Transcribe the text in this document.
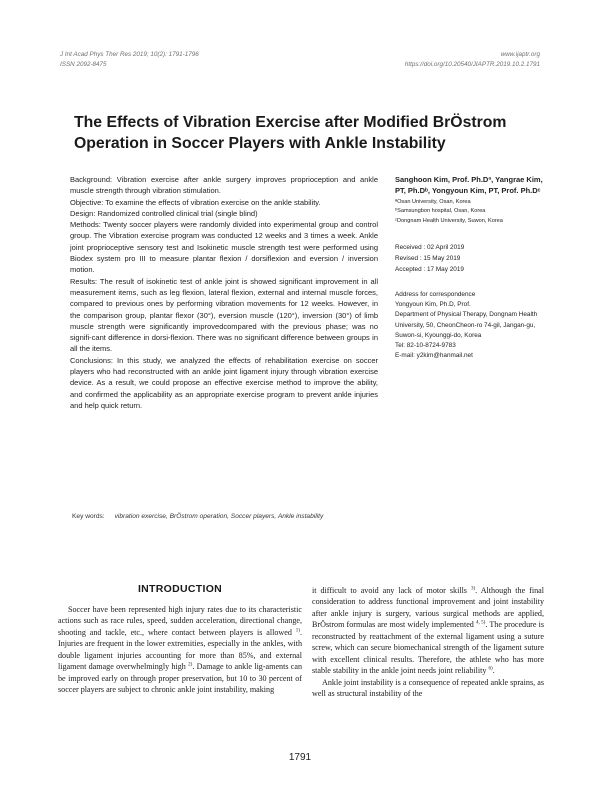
J Int Acad Phys Ther Res 2019; 10(2): 1791-1796
ISSN 2092-8475
www.ijaptr.org
https://doi.org/10.20540/JIAPTR.2019.10.2.1791
The Effects of Vibration Exercise after Modified BrÖstrom Operation in Soccer Players with Ankle Instability

Background: Vibration exercise after ankle surgery improves proprioception and ankle muscle strength through vibration stimulation.

Objective: To examine the effects of vibration exercise on the ankle stability.

Design: Randomized controlled clinical trial (single blind)

Methods: Twenty soccer players were randomly divided into experimental group and control group. The Vibration exercise program was conducted 12 weeks and 3 times a week. Ankle joint proprioceptive sensory test and Isokinetic muscle strength test were performed using Biodex system pro III to measure plantar flexion / dorsiflexion and eversion / inversion motion.

Results: The result of isokinetic test of ankle joint is showed significant improvement in all measurement items, such as leg flexion, lateral flexion, external and internal muscle forces, compared to previous ones by performing vibration movements for 12 weeks. However, in the comparison group, plantar flexor (30°), eversion muscle (120°), inversion (30°) of limb muscle strength were significantly improvedcompared with the previous phase; was no signifi-cant difference in dorsi-flexion. There was no significant difference between groups in all the items.

Conclusions: In this study, we analyzed the effects of rehabilitation exercise on soccer players who had reconstructed with an ankle joint ligament injury through vibration exercise device. As a result, we could propose an effective exercise method to improve the ability, and confirmed the applicability as an appropriate exercise program to prevent ankle injuries and help quick return.

Sanghoon Kim, Prof. Ph.Dª, Yangrae Kim, PT, Ph.Dᵇ, Yongyoun Kim, PT, Prof. Ph.Dᶜ

ªOsan University, Osan, Korea

ᵇSamsungbon hospital, Osan, Korea

ᶜDongnam Health University, Suwon, Korea

Received : 02 April 2019

Revised : 15 May 2019

Accepted : 17 May 2019

Address for correspondence

Yongyoun Kim, Ph.D, Prof.

Department of Physical Therapy, Dongnam Health University, 50, CheonCheon-ro 74-gil, Jangan-gu, Suwon-si, Kyounggi-do, Korea

Tel: 82-10-8724-9783

E-mail: y2kim@hanmail.net

Key words: vibration exercise, BrÖstrom operation, Soccer players, Ankle instability
INTRODUCTION

Soccer have been represented high injury rates due to its characteristic actions such as race rules, speed, sudden acceleration, directional change, shooting and tackle, etc., where contact between players is allowed $^{1)}$. Injuries are frequent in the lower extremities, especially in the ankles, with double ligament injuries accounting for more than 85%, and external ligament damage overwhelmingly high $^{2)}$. Damage to ankle lig-aments can be improved early on through proper preservation, but 10 to 30 percent of soccer players are subject to chronic ankle joint instability, making

it difficult to avoid any lack of motor skills $^{3)}$. Although the final consideration to address functional improvement and joint instability after ankle injury is surgery, various surgical methods are applied, BrÖstrom formulas are most widely implemented $^{4, 5)}$. The procedure is reconstructed by reattachment of the external ligament using a suture screw, which can secure biomechanical strength of the ligament suture with excellent clinical results. Therefore, the athlete who has more stable stability in the ankle joint needs joint reliability $^{6)}$.

Ankle joint instability is a consequence of repeated ankle sprains, as well as structural instability of the

1791
